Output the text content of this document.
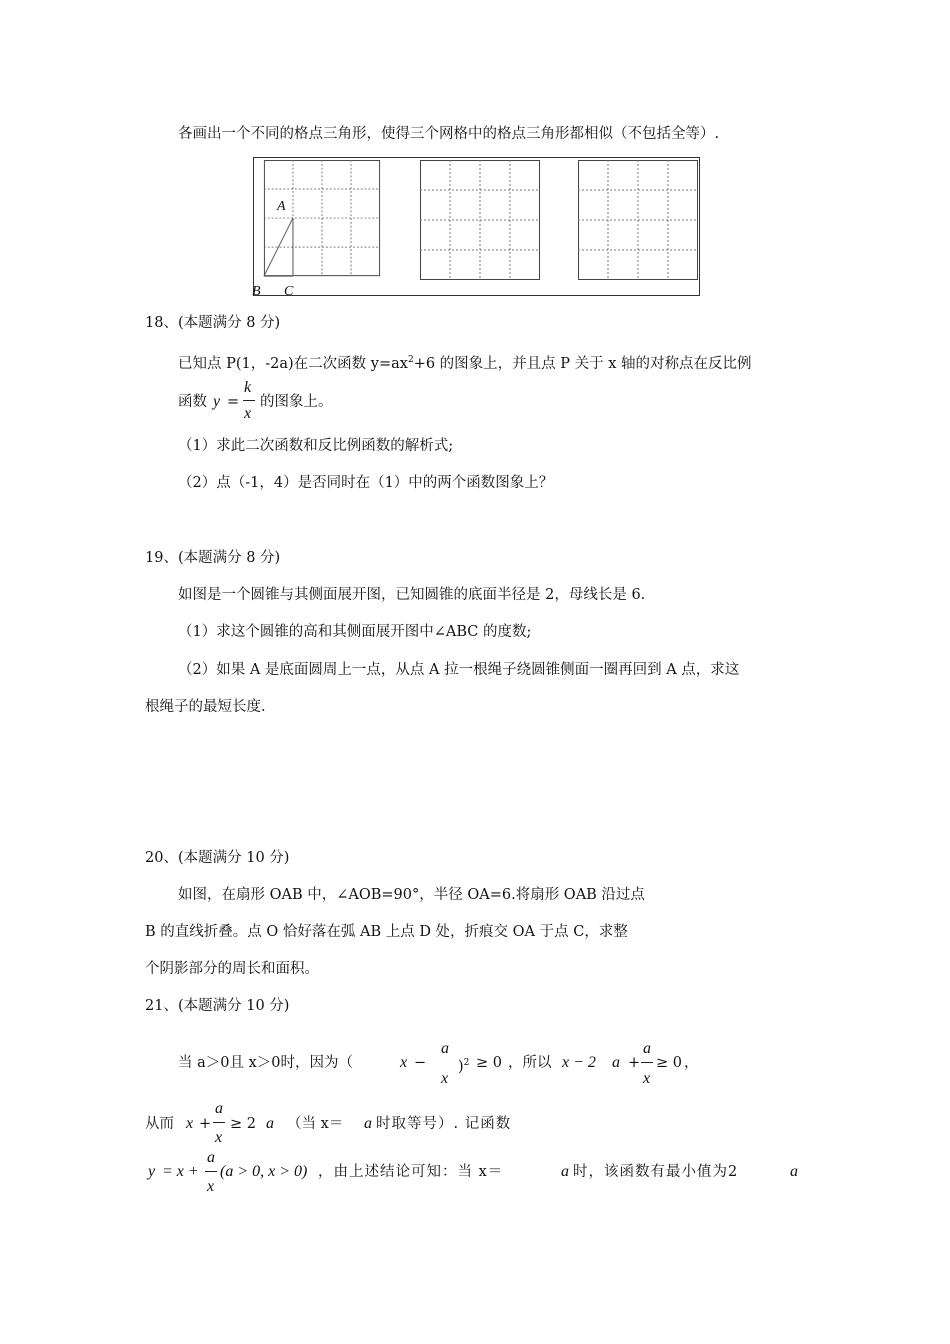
各画出一个不同的格点三角形，使得三个网格中的格点三角形都相似（不包括全等）.
A
B C
18、(本题满分 8 分)
已知点 P(1，-2a)在二次函数 $y=ax^2+6$ 的图象上，并且点 P 关于 x 轴的对称点在反比例
函数 y =
k
x
的图象上。
（1）求此二次函数和反比例函数的解析式;
（2）点（-1，4）是否同时在（1）中的两个函数图象上？
19、(本题满分 8 分)
如图是一个圆锥与其侧面展开图，已知圆锥的底面半径是 2，母线长是 6.
（1）求这个圆锥的高和其侧面展开图中∠ABC 的度数;
（2）如果 A 是底面圆周上一点，从点 A 拉一根绳子绕圆锥侧面一圈再回到 A 点，求这
根绳子的最短长度.
20、(本题满分 10 分)
如图，在扇形 OAB 中，∠AOB=90°，半径 OA=6.将扇形 OAB 沿过点
B 的直线折叠。点 O 恰好落在弧 AB 上点 D 处，折痕交 OA 于点 C，求整
个阴影部分的周长和面积。
21、(本题满分 10 分)
当 a＞0且 x＞0时，因为（	x −
a
x
)$^2$ ≥ 0 ，所以 x − 2 a +
a
x
≥ 0 ，
从而 x +
a
x
≥ 2 a （当 x＝ a 时取等号）. 记函数
y = x +
a
x
(a > 0, x > 0) ，由上述结论可知：当 x＝	a 时，该函数有最小值为2	a
